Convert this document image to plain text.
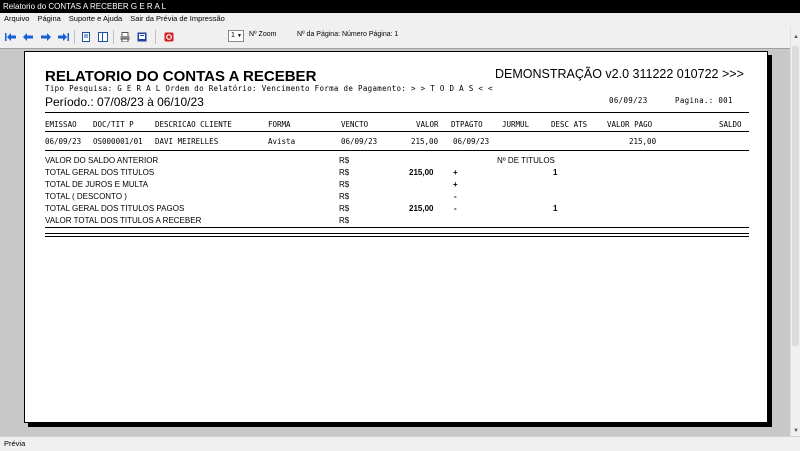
Relatorio do CONTAS A RECEBER G E R A L
Arquivo	Página	Suporte e Ajuda	Sair da Prévia de Impressão
1 ▼ Nº Zoom	Nº da Página: Número Página: 1	▲
▼
RELATORIO DO CONTAS A RECEBER	DEMONSTRAÇÃO v2.0 311222 010722 >>>
Tipo Pesquisa: G E R A L Ordem do Relatório: Vencimento Forma de Pagamento: > > T O D A S < <
Período.: 07/08/23 à 06/10/23	06/09/23	Pagina.: 001
EMISSAO DOC/TIT P	DESCRICAO CLIENTE	FORMA	VENCTO	VALOR DTPAGTO	JURMUL	DESC ATS	VALOR PAGO	SALDO
06/09/23 OS000001/01 DAVI MEIRELLES	Avista	06/09/23	215,00 06/09/23	215,00
Nº DE TITULOS
VALOR DO SALDO ANTERIOR	R$
TOTAL GERAL DOS TITULOS	R$	215,00 +	1
TOTAL DE JUROS E MULTA	R$	+
TOTAL ( DESCONTO )	R$	-
TOTAL GERAL DOS TITULOS PAGOS	R$	215,00	-	1
VALOR TOTAL DOS TITULOS A RECEBER	R$
Prévia
